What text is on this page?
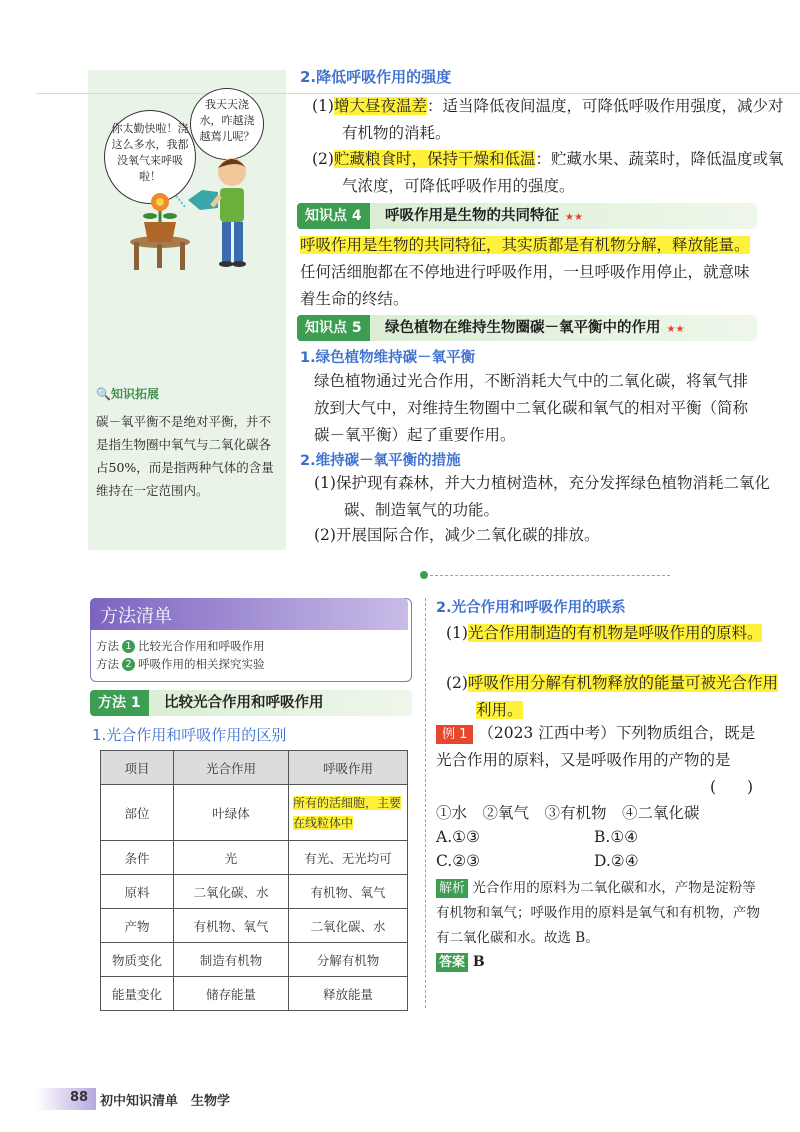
你太勤快啦！浇这么多水，我都没氧气来呼吸啦！
我天天浇水，咋越浇越蔫儿呢？
🔍知识拓展
碳－氧平衡不是绝对平衡，并不是指生物圈中氧气与二氧化碳各占50%，而是指两种气体的含量维持在一定范围内。
2.降低呼吸作用的强度
(1)增大昼夜温差：适当降低夜间温度，可降低呼吸作用强度，减少对有机物的消耗。
(2)贮藏粮食时，保持干燥和低温：贮藏水果、蔬菜时，降低温度或氧气浓度，可降低呼吸作用的强度。
知识点 4	呼吸作用是生物的共同特征 ★★
呼吸作用是生物的共同特征，其实质都是有机物分解，释放能量。任何活细胞都在不停地进行呼吸作用，一旦呼吸作用停止，就意味着生命的终结。
知识点 5	绿色植物在维持生物圈碳－氧平衡中的作用 ★★
1.绿色植物维持碳－氧平衡
绿色植物通过光合作用，不断消耗大气中的二氧化碳，将氧气排放到大气中，对维持生物圈中二氧化碳和氧气的相对平衡（简称碳－氧平衡）起了重要作用。
2.维持碳－氧平衡的措施
(1)保护现有森林，并大力植树造林，充分发挥绿色植物消耗二氧化碳、制造氧气的功能。
(2)开展国际合作，减少二氧化碳的排放。
方法清单
方法 1 比较光合作用和呼吸作用
方法 2 呼吸作用的相关探究实验
方法 1	比较光合作用和呼吸作用
1.光合作用和呼吸作用的区别
项目	光合作用	呼吸作用
部位	叶绿体	所有的活细胞，主要在线粒体中
条件	光	有光、无光均可
原料	二氧化碳、水	有机物、氧气
产物	有机物、氧气	二氧化碳、水
物质变化	制造有机物	分解有机物
能量变化	储存能量	释放能量
2.光合作用和呼吸作用的联系
(1)光合作用制造的有机物是呼吸作用的原料。
(2)呼吸作用分解有机物释放的能量可被光合作用利用。
例 1 （2023 江西中考）下列物质组合，既是光合作用的原料，又是呼吸作用的产物的是
(　　)
①水　②氧气　③有机物　④二氧化碳
A.①③	B.①④
C.②③	D.②④
解析 光合作用的原料为二氧化碳和水，产物是淀粉等有机物和氧气；呼吸作用的原料是氧气和有机物，产物有二氧化碳和水。故选 B。
答案 B
88 初中知识清单　生物学
